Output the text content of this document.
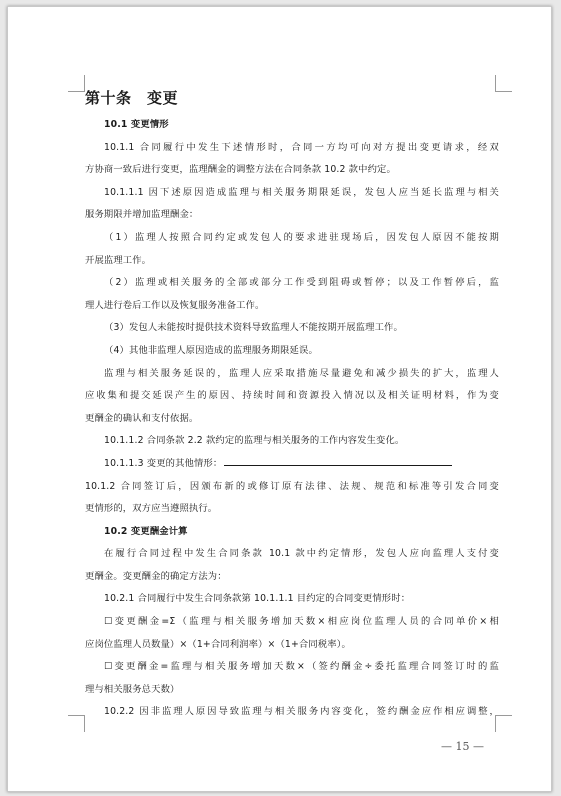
第十条　变更

10.1 变更情形

10.1.1 合同履行中发生下述情形时，合同一方均可向对方提出变更请求，经双

方协商一致后进行变更，监理酬金的调整方法在合同条款 10.2 款中约定。

10.1.1.1 因下述原因造成监理与相关服务期限延误，发包人应当延长监理与相关

服务期限并增加监理酬金：

（1）监理人按照合同约定或发包人的要求进驻现场后，因发包人原因不能按期

开展监理工作。

（2）监理或相关服务的全部或部分工作受到阻碍或暂停；以及工作暂停后，监

理人进行卷后工作以及恢复服务准备工作。

（3）发包人未能按时提供技术资料导致监理人不能按期开展监理工作。

（4）其他非监理人原因造成的监理服务期限延误。

监理与相关服务延误的，监理人应采取措施尽量避免和减少损失的扩大，监理人

应收集和提交延误产生的原因、持续时间和资源投入情况以及相关证明材料，作为变

更酬金的确认和支付依据。

10.1.1.2 合同条款 2.2 款约定的监理与相关服务的工作内容发生变化。

10.1.1.3 变更的其他情形：

10.1.2 合同签订后，因颁布新的或修订原有法律、法规、规范和标准等引发合同变

更情形的，双方应当遵照执行。

10.2 变更酬金计算

在履行合同过程中发生合同条款 10.1 款中约定情形，发包人应向监理人支付变

更酬金。变更酬金的确定方法为：

10.2.1 合同履行中发生合同条款第 10.1.1.1 目约定的合同变更情形时：

☐变更酬金=Σ（监理与相关服务增加天数×相应岗位监理人员的合同单价×相

应岗位监理人员数量）×（1+合同利润率）×（1+合同税率）。

☐变更酬金=监理与相关服务增加天数×（签约酬金÷委托监理合同签订时的监

理与相关服务总天数）

10.2.2 因非监理人原因导致监理与相关服务内容变化，签约酬金应作相应调整，

— 15 —
